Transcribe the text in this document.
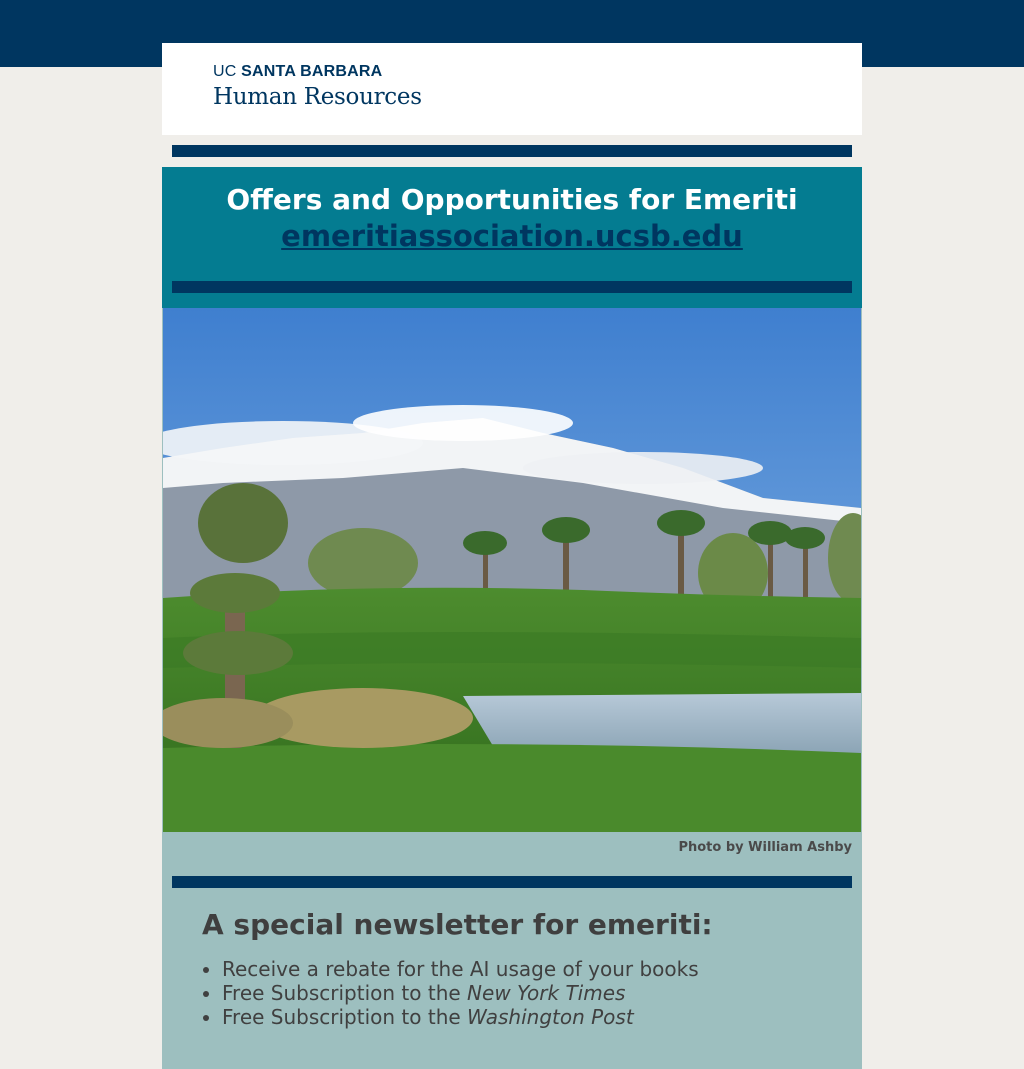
UC SANTA BARBARA
Human Resources
Offers and Opportunities for Emeriti
emeritiassociation.ucsb.edu
Photo by William Ashby
A special newsletter for emeriti:
• Receive a rebate for the AI usage of your books
• Free Subscription to the New York Times
• Free Subscription to the Washington Post
